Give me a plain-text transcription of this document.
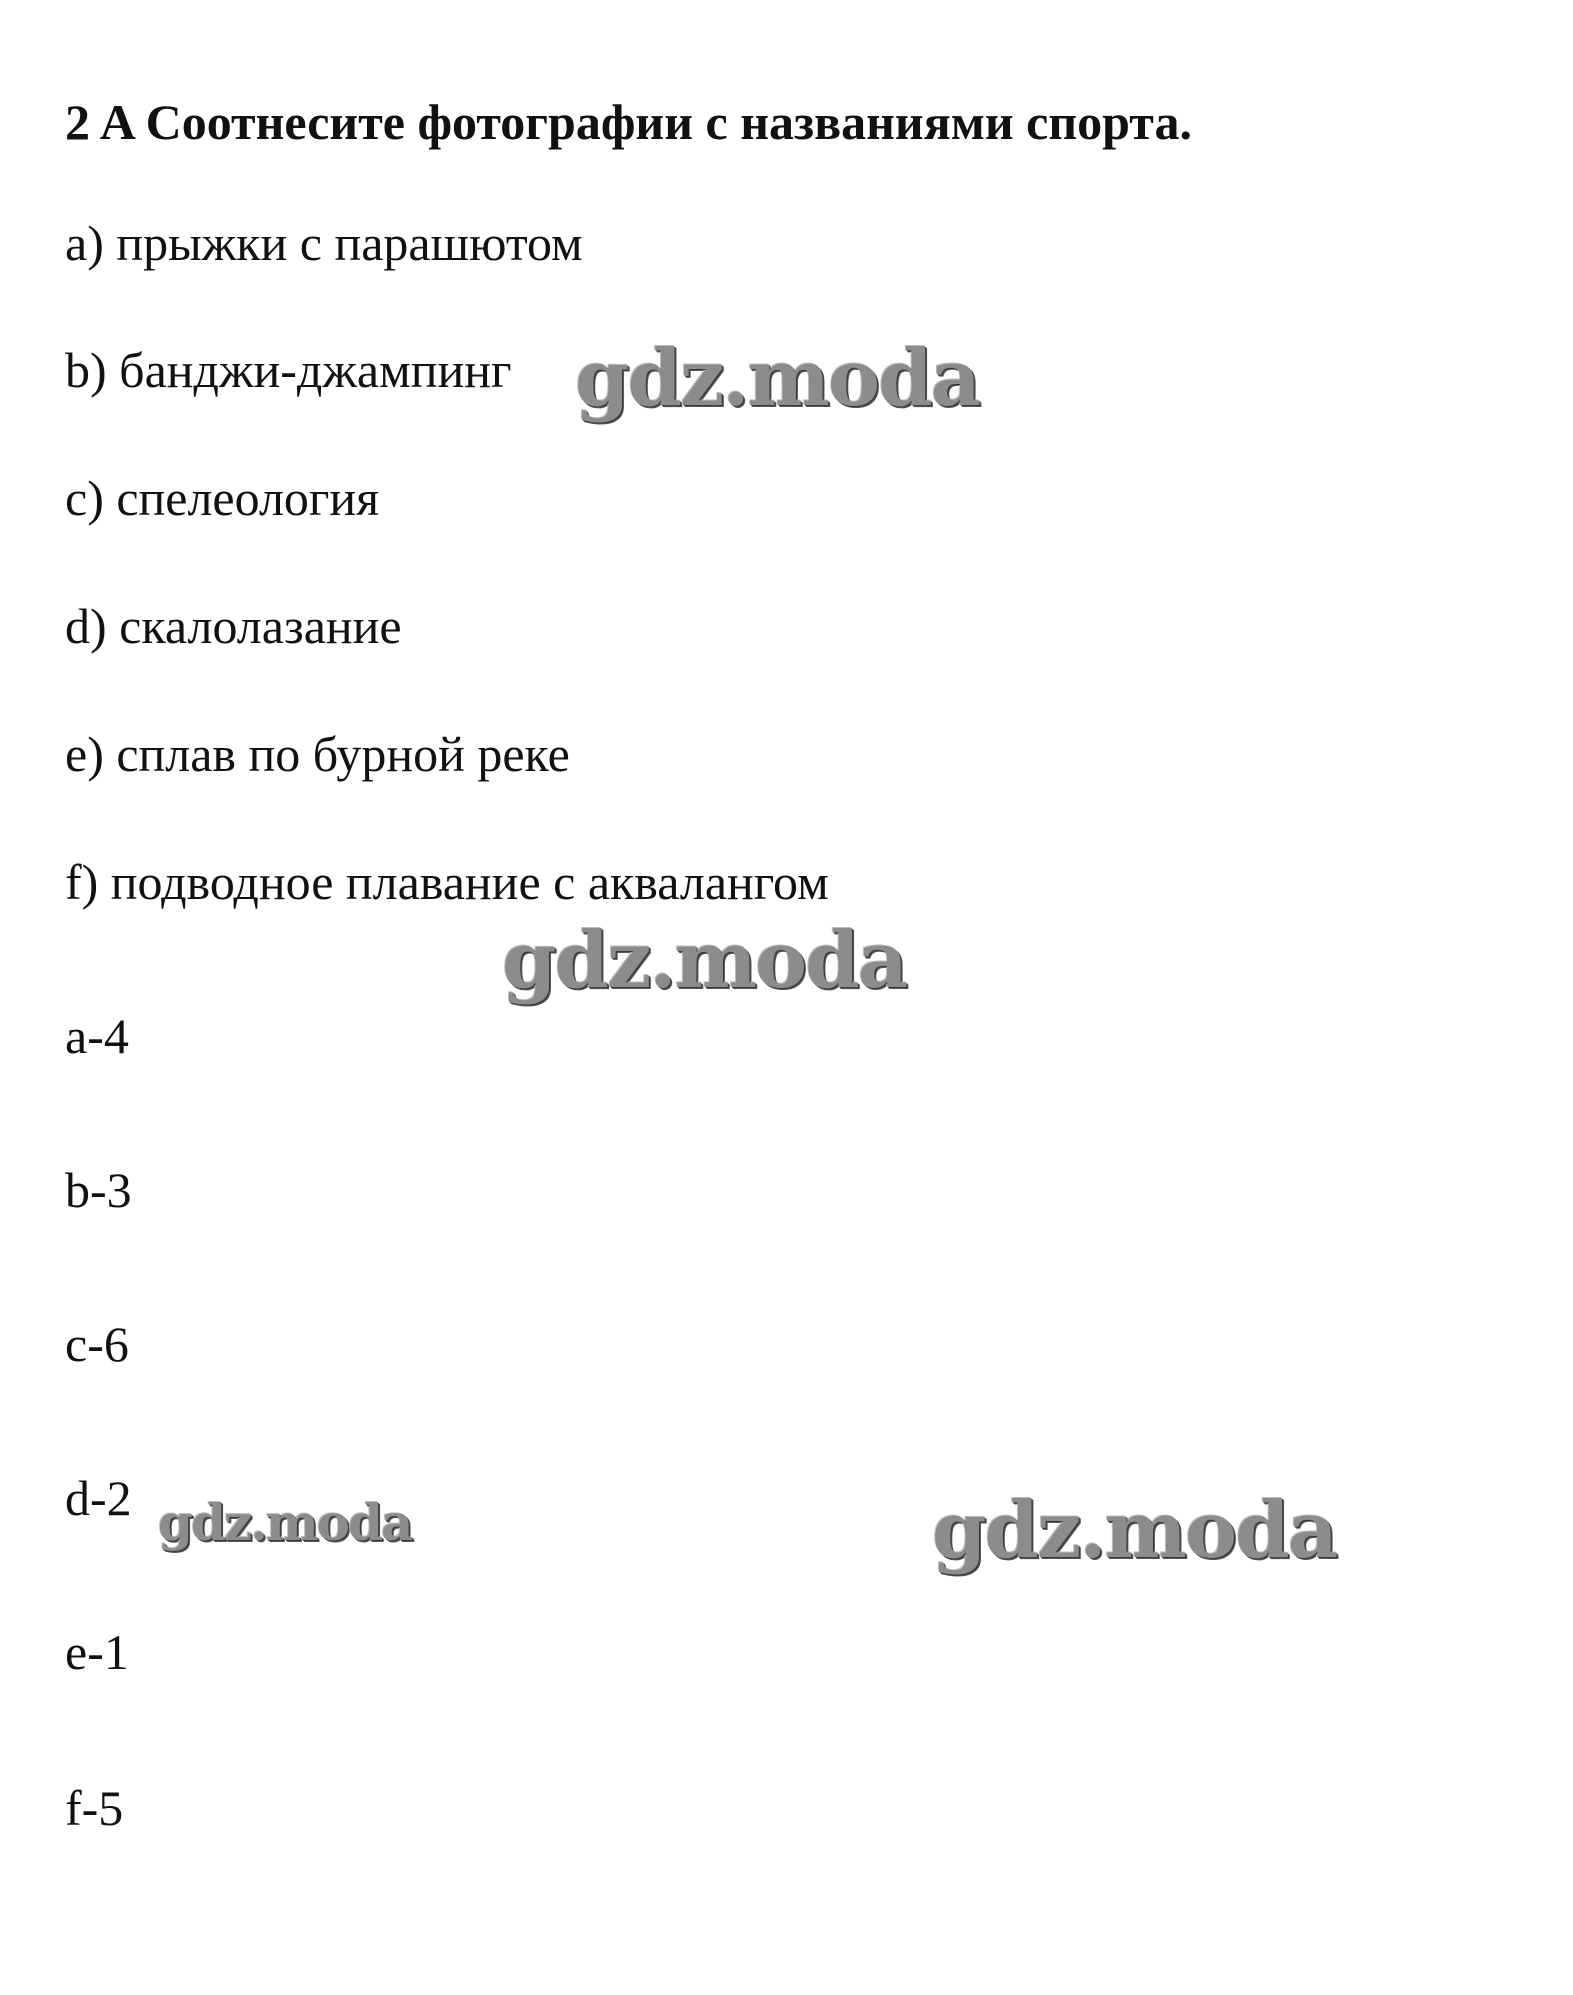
2 A Соотнесите фотографии с названиями спорта.

a) прыжки с парашютом

b) банджи-джампинг

c) спелеология

d) скалолазание

e) сплав по бурной реке

f) подводное плавание с аквалангом

a-4

b-3

c-6

d-2

e-1

f-5

gdz.moda
gdz.moda
gdz.moda	gdz.moda
